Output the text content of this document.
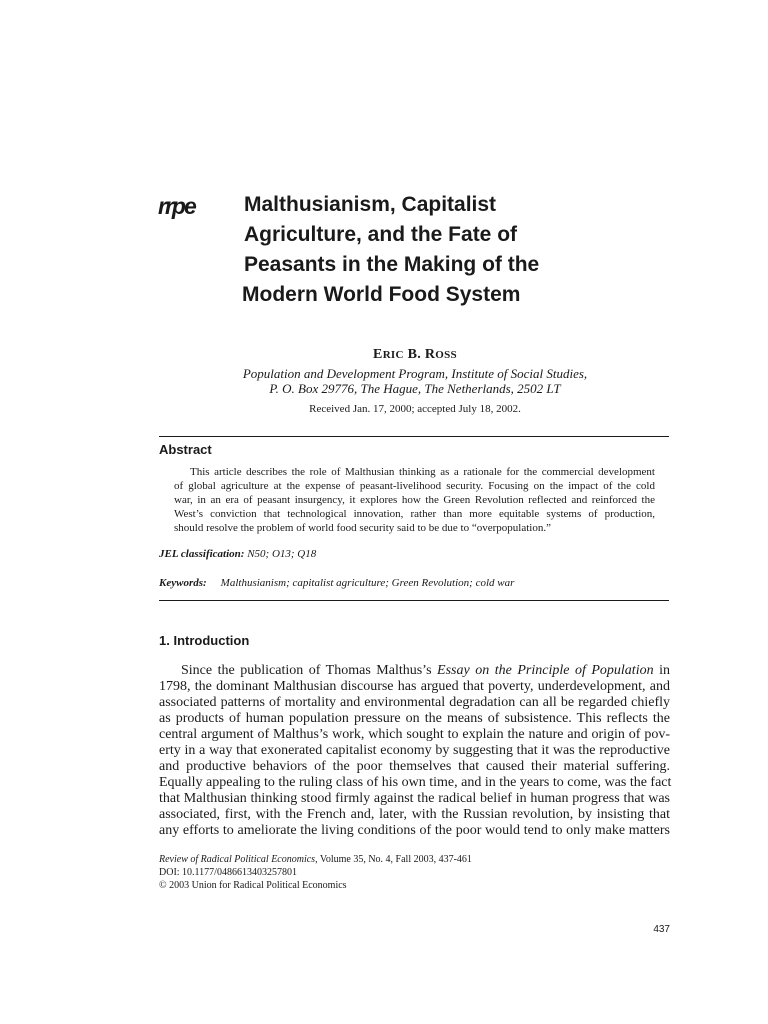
rrpe Malthusianism, Capitalist
Agriculture, and the Fate of
Peasants in the Making of the
Modern World Food System
ERIC B. ROSS
Population and Development Program, Institute of Social Studies,
P. O. Box 29776, The Hague, The Netherlands, 2502 LT
Received Jan. 17, 2000; accepted July 18, 2002.
Abstract
This article describes the role of Malthusian thinking as a rationale for the commercial development
of global agriculture at the expense of peasant-livelihood security. Focusing on the impact of the cold
war, in an era of peasant insurgency, it explores how the Green Revolution reflected and reinforced the
West’s conviction that technological innovation, rather than more equitable systems of production,
should resolve the problem of world food security said to be due to “overpopulation.”
JEL classification: N50; O13; Q18
Keywords: Malthusianism; capitalist agriculture; Green Revolution; cold war
1. Introduction
Since the publication of Thomas Malthus’s Essay on the Principle of Population in
1798, the dominant Malthusian discourse has argued that poverty, underdevelopment, and
associated patterns of mortality and environmental degradation can all be regarded chiefly
as products of human population pressure on the means of subsistence. This reflects the
central argument of Malthus’s work, which sought to explain the nature and origin of pov-
erty in a way that exonerated capitalist economy by suggesting that it was the reproductive
and productive behaviors of the poor themselves that caused their material suffering.
Equally appealing to the ruling class of his own time, and in the years to come, was the fact
that Malthusian thinking stood firmly against the radical belief in human progress that was
associated, first, with the French and, later, with the Russian revolution, by insisting that
any efforts to ameliorate the living conditions of the poor would tend to only make matters
Review of Radical Political Economics, Volume 35, No. 4, Fall 2003, 437-461
DOI: 10.1177/0486613403257801
© 2003 Union for Radical Political Economics
437
